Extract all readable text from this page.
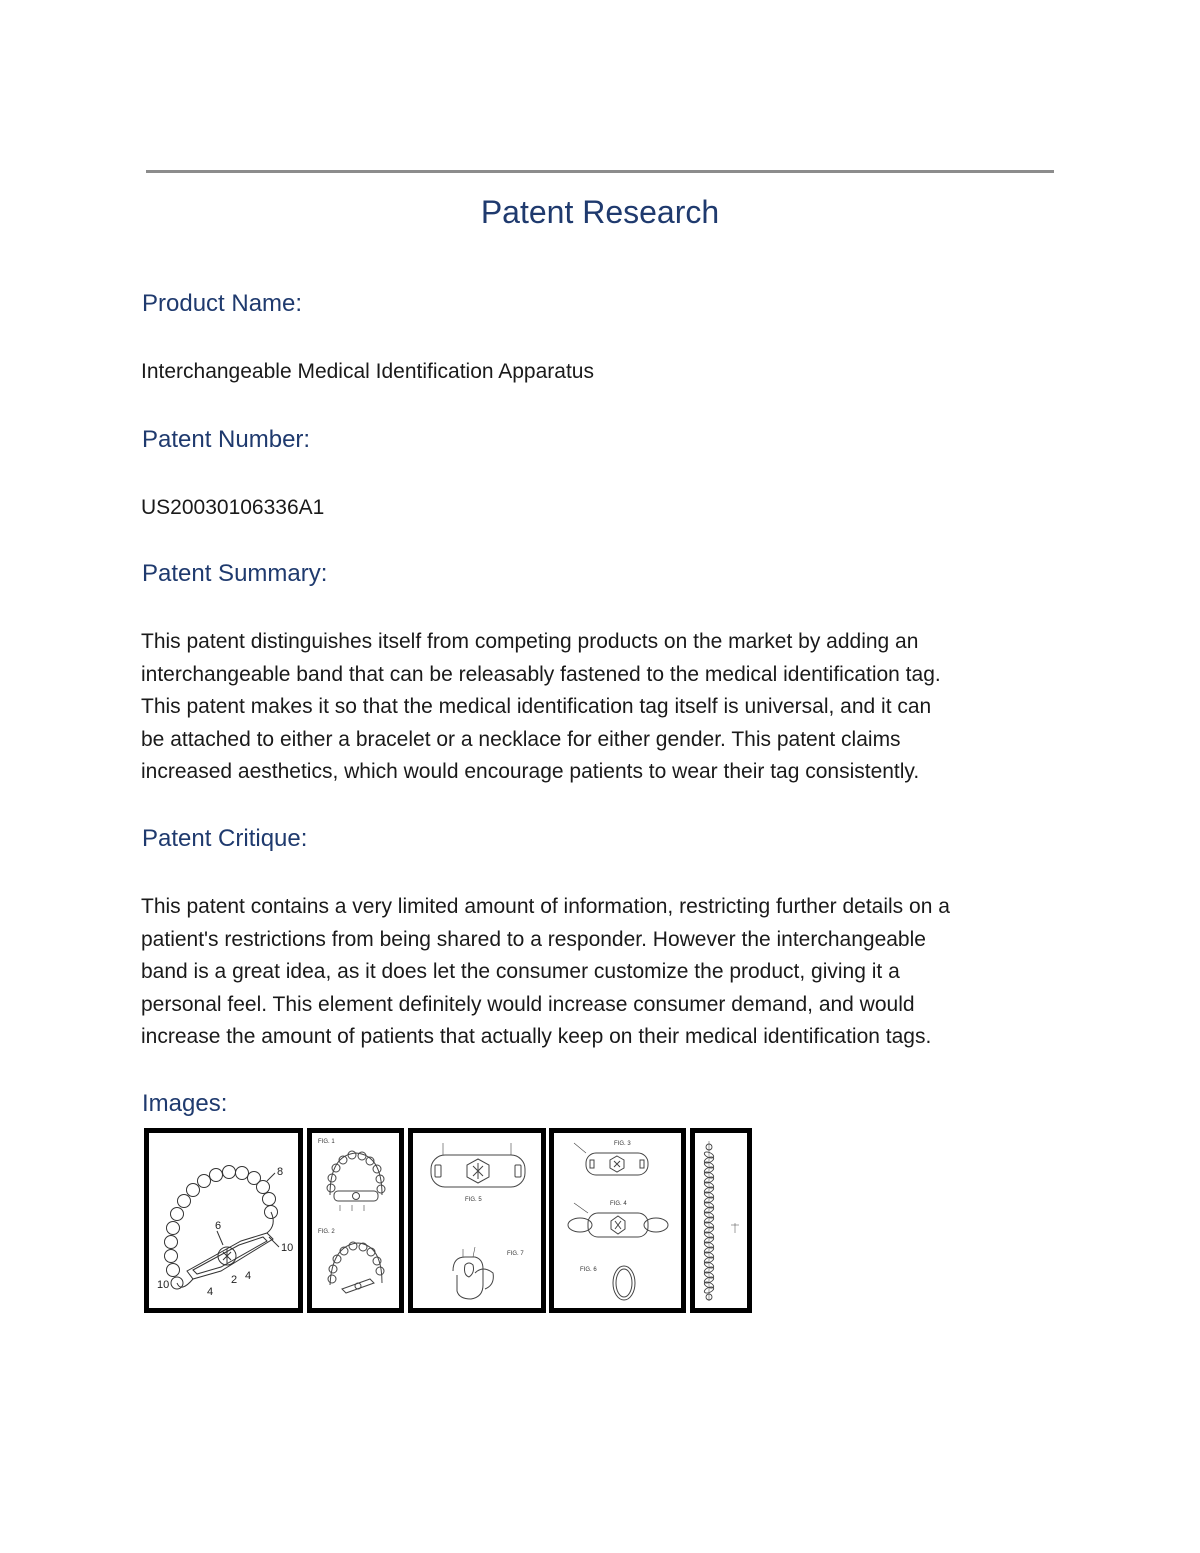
Patent Research
Product Name:
Interchangeable Medical Identification Apparatus
Patent Number:
US20030106336A1
Patent Summary:
This patent distinguishes itself from competing products on the market by adding an
interchangeable band that can be releasably fastened to the medical identification tag.
This patent makes it so that the medical identification tag itself is universal, and it can
be attached to either a bracelet or a necklace for either gender. This patent claims
increased aesthetics, which would encourage patients to wear their tag consistently.
Patent Critique:
This patent contains a very limited amount of information, restricting further details on a
patient's restrictions from being shared to a responder. However the interchangeable
band is a great idea, as it does let the consumer customize the product, giving it a
personal feel. This element definitely would increase consumer demand, and would
increase the amount of patients that actually keep on their medical identification tags.
Images:
8
6
10
10	2 4
4
FIG. 1
FIG. 2
FIG. 5
FIG. 7
FIG. 3
FIG. 4
FIG. 6
